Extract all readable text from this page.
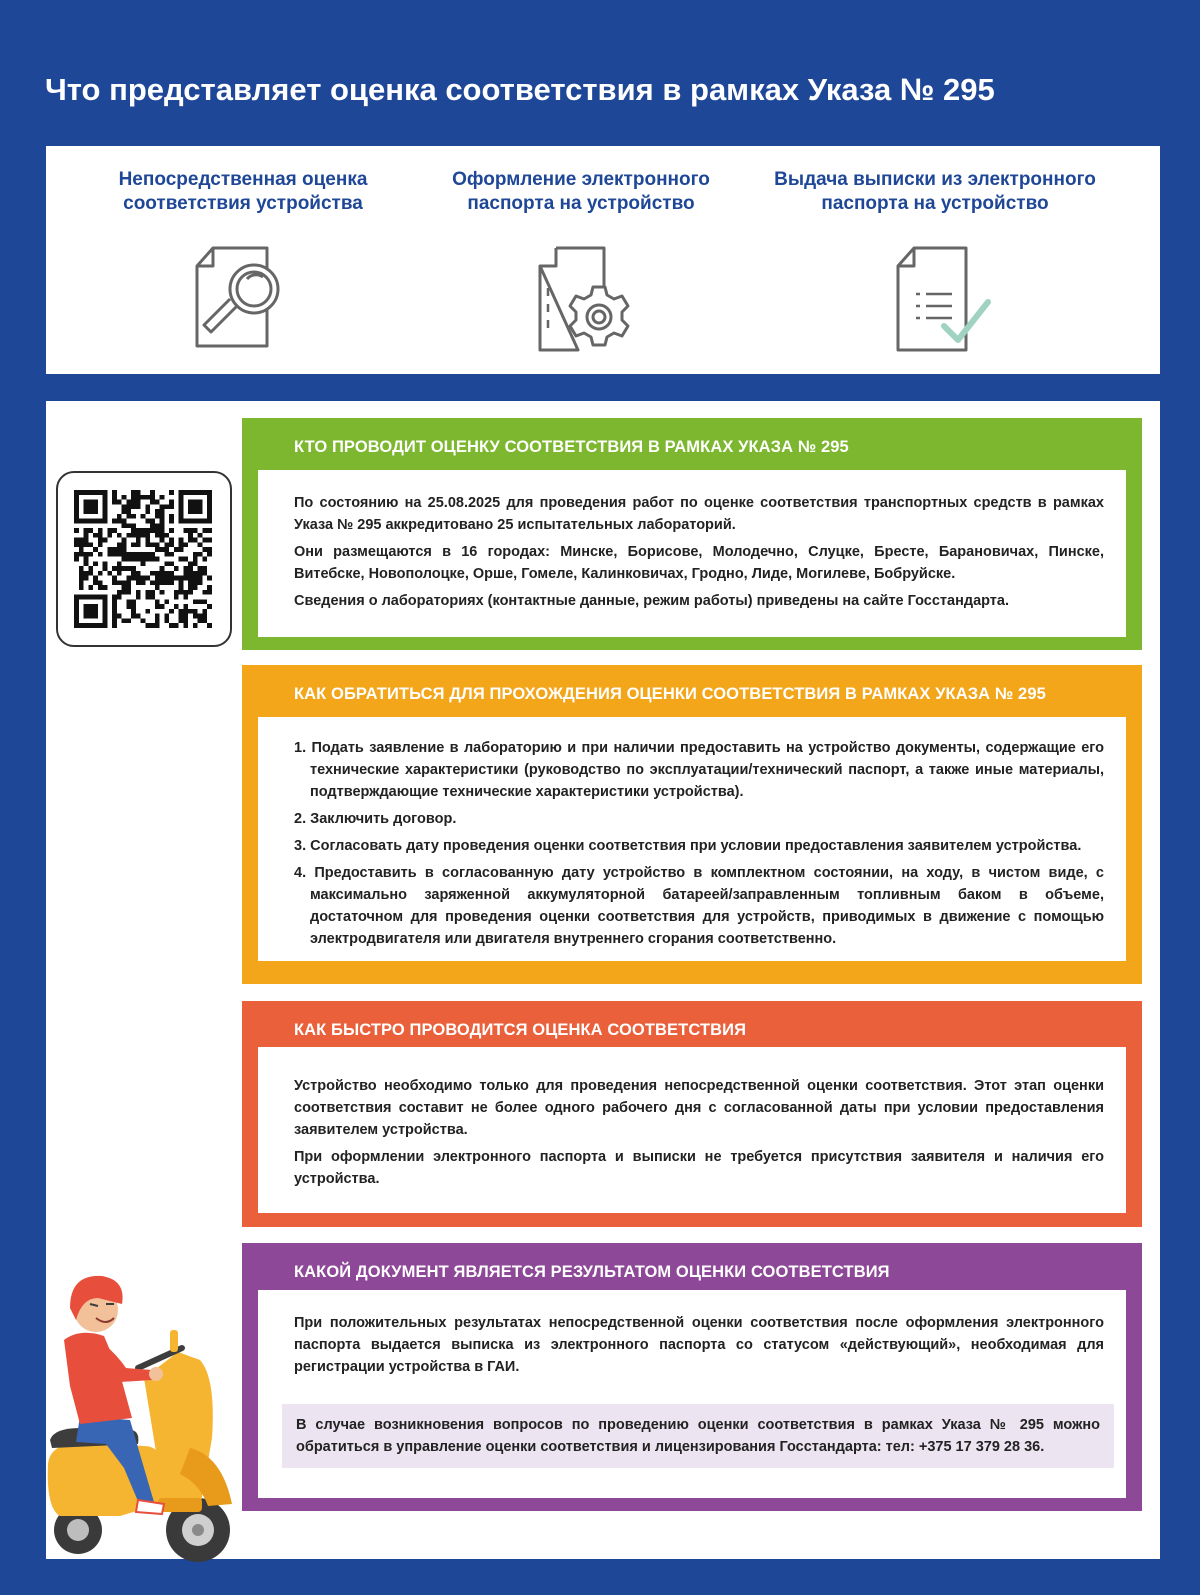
Что представляет оценка соответствия в рамках Указа № 295
Непосредственная оценка соответствия устройства
Оформление электронного паспорта на устройство
Выдача выписки из электронного паспорта на устройство
КТО ПРОВОДИТ ОЦЕНКУ СООТВЕТСТВИЯ В РАМКАХ УКАЗА № 295

По состоянию на 25.08.2025 для проведения работ по оценке соответствия транспортных средств в рамках Указа № 295 аккредитовано 25 испытательных лабораторий.

Они размещаются в 16 городах: Минске, Борисове, Молодечно, Слуцке, Бресте, Барановичах, Пинске, Витебске, Новополоцке, Орше, Гомеле, Калинковичах, Гродно, Лиде, Могилеве, Бобруйске.

Сведения о лабораториях (контактные данные, режим работы) приведены на сайте Госстандарта.

КАК ОБРАТИТЬСЯ ДЛЯ ПРОХОЖДЕНИЯ ОЦЕНКИ СООТВЕТСТВИЯ В РАМКАХ УКАЗА № 295
1. Подать заявление в лабораторию и при наличии предоставить на устройство документы, содержащие его технические характеристики (руководство по эксплуатации/технический паспорт, а также иные материалы, подтверждающие технические характеристики устройства).
2. Заключить договор.
3. Согласовать дату проведения оценки соответствия при условии предоставления заявителем устройства.
4. Предоставить в согласованную дату устройство в комплектном состоянии, на ходу, в чистом виде, с максимально заряженной аккумуляторной батареей/заправленным топливным баком в объеме, достаточном для проведения оценки соответствия для устройств, приводимых в движение с помощью электродвигателя или двигателя внутреннего сгорания соответственно.
КАК БЫСТРО ПРОВОДИТСЯ ОЦЕНКА СООТВЕТСТВИЯ

Устройство необходимо только для проведения непосредственной оценки соответствия. Этот этап оценки соответствия составит не более одного рабочего дня с согласованной даты при условии предоставления заявителем устройства.

При оформлении электронного паспорта и выписки не требуется присутствия заявителя и наличия его устройства.

КАКОЙ ДОКУМЕНТ ЯВЛЯЕТСЯ РЕЗУЛЬТАТОМ ОЦЕНКИ СООТВЕТСТВИЯ

При положительных результатах непосредственной оценки соответствия после оформления электронного паспорта выдается выписка из электронного паспорта со статусом «действующий», необходимая для регистрации устройства в ГАИ.

В случае возникновения вопросов по проведению оценки соответствия в рамках Указа № 295 можно обратиться в управление оценки соответствия и лицензирования Госстандарта: тел: +375 17 379 28 36.
